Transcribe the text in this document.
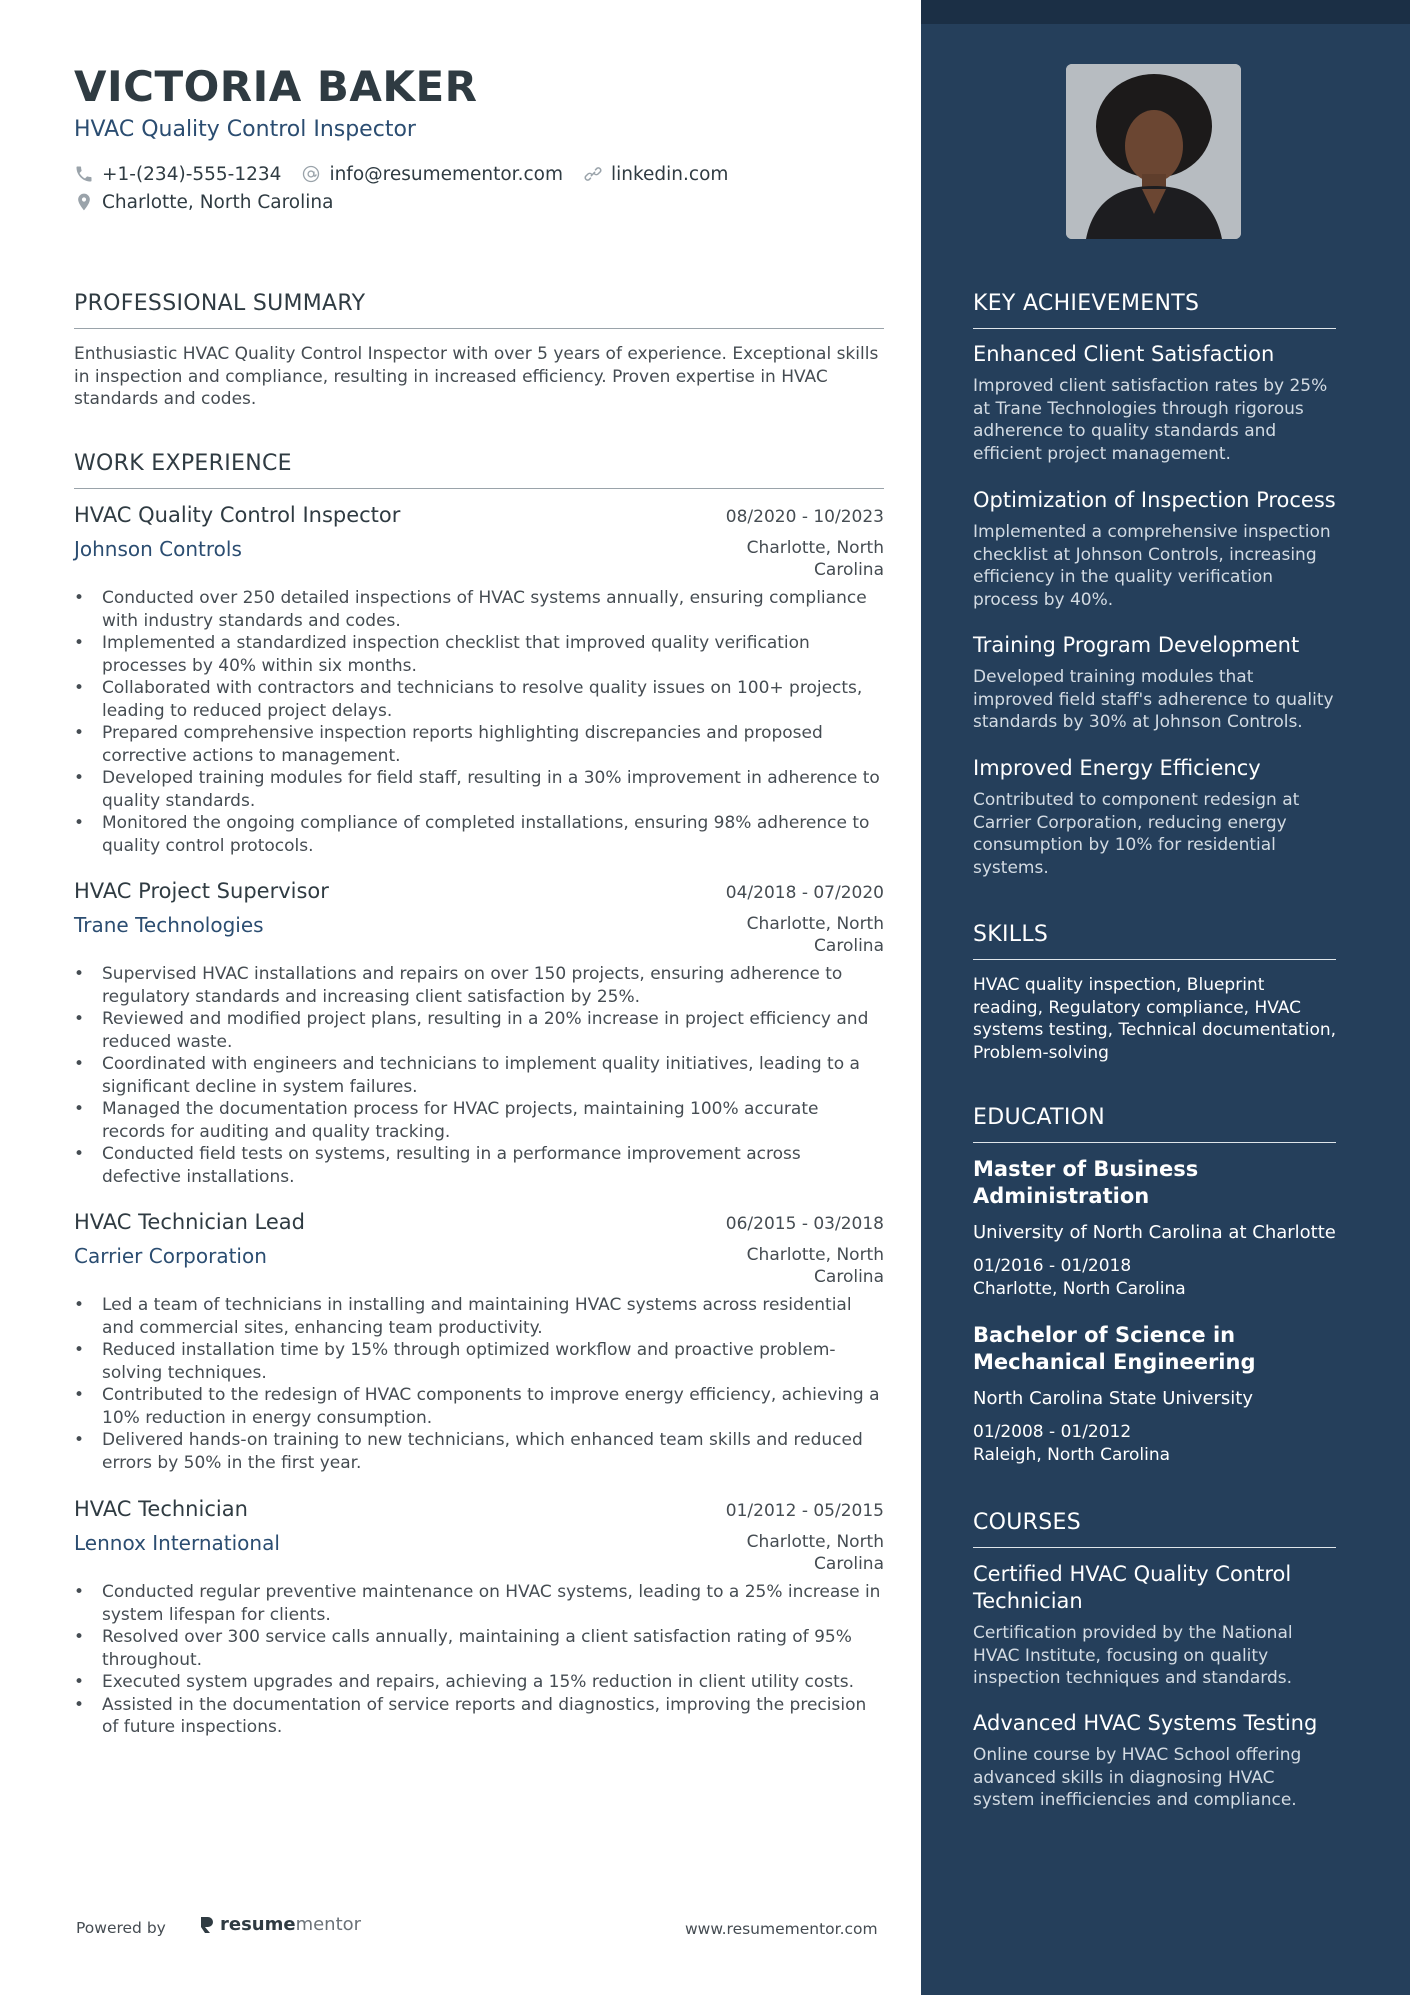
VICTORIA BAKER
HVAC Quality Control Inspector
+1-(234)-555-1234	info@resumementor.com	linkedin.com
Charlotte, North Carolina
PROFESSIONAL SUMMARY
Enthusiastic HVAC Quality Control Inspector with over 5 years of experience. Exceptional skills in inspection and compliance, resulting in increased efficiency. Proven expertise in HVAC standards and codes.
WORK EXPERIENCE
HVAC Quality Control Inspector	08/2020 - 10/2023
Johnson Controls	Charlotte, North Carolina
• Conducted over 250 detailed inspections of HVAC systems annually, ensuring compliance with industry standards and codes.
• Implemented a standardized inspection checklist that improved quality verification processes by 40% within six months.
• Collaborated with contractors and technicians to resolve quality issues on 100+ projects, leading to reduced project delays.
• Prepared comprehensive inspection reports highlighting discrepancies and proposed corrective actions to management.
• Developed training modules for field staff, resulting in a 30% improvement in adherence to quality standards.
• Monitored the ongoing compliance of completed installations, ensuring 98% adherence to quality control protocols.
HVAC Project Supervisor	04/2018 - 07/2020
Trane Technologies	Charlotte, North Carolina
• Supervised HVAC installations and repairs on over 150 projects, ensuring adherence to regulatory standards and increasing client satisfaction by 25%.
• Reviewed and modified project plans, resulting in a 20% increase in project efficiency and reduced waste.
• Coordinated with engineers and technicians to implement quality initiatives, leading to a significant decline in system failures.
• Managed the documentation process for HVAC projects, maintaining 100% accurate records for auditing and quality tracking.
• Conducted field tests on systems, resulting in a performance improvement across defective installations.
HVAC Technician Lead	06/2015 - 03/2018
Carrier Corporation	Charlotte, North Carolina
• Led a team of technicians in installing and maintaining HVAC systems across residential and commercial sites, enhancing team productivity.
• Reduced installation time by 15% through optimized workflow and proactive problem-solving techniques.
• Contributed to the redesign of HVAC components to improve energy efficiency, achieving a 10% reduction in energy consumption.
• Delivered hands-on training to new technicians, which enhanced team skills and reduced errors by 50% in the first year.
HVAC Technician	01/2012 - 05/2015
Lennox International	Charlotte, North Carolina
• Conducted regular preventive maintenance on HVAC systems, leading to a 25% increase in system lifespan for clients.
• Resolved over 300 service calls annually, maintaining a client satisfaction rating of 95% throughout.
• Executed system upgrades and repairs, achieving a 15% reduction in client utility costs.
• Assisted in the documentation of service reports and diagnostics, improving the precision of future inspections.
Powered by	resume mentor	www.resumementor.com
KEY ACHIEVEMENTS
Enhanced Client Satisfaction
Improved client satisfaction rates by 25% at Trane Technologies through rigorous adherence to quality standards and efficient project management.
Optimization of Inspection Process
Implemented a comprehensive inspection checklist at Johnson Controls, increasing efficiency in the quality verification process by 40%.
Training Program Development
Developed training modules that improved field staff's adherence to quality standards by 30% at Johnson Controls.
Improved Energy Efficiency
Contributed to component redesign at Carrier Corporation, reducing energy consumption by 10% for residential systems.
SKILLS
HVAC quality inspection, Blueprint reading, Regulatory compliance, HVAC systems testing, Technical documentation, Problem-solving
EDUCATION
Master of Business Administration
University of North Carolina at Charlotte
01/2016 - 01/2018
Charlotte, North Carolina
Bachelor of Science in Mechanical Engineering
North Carolina State University
01/2008 - 01/2012
Raleigh, North Carolina
COURSES
Certified HVAC Quality Control Technician
Certification provided by the National HVAC Institute, focusing on quality inspection techniques and standards.
Advanced HVAC Systems Testing
Online course by HVAC School offering advanced skills in diagnosing HVAC system inefficiencies and compliance.
